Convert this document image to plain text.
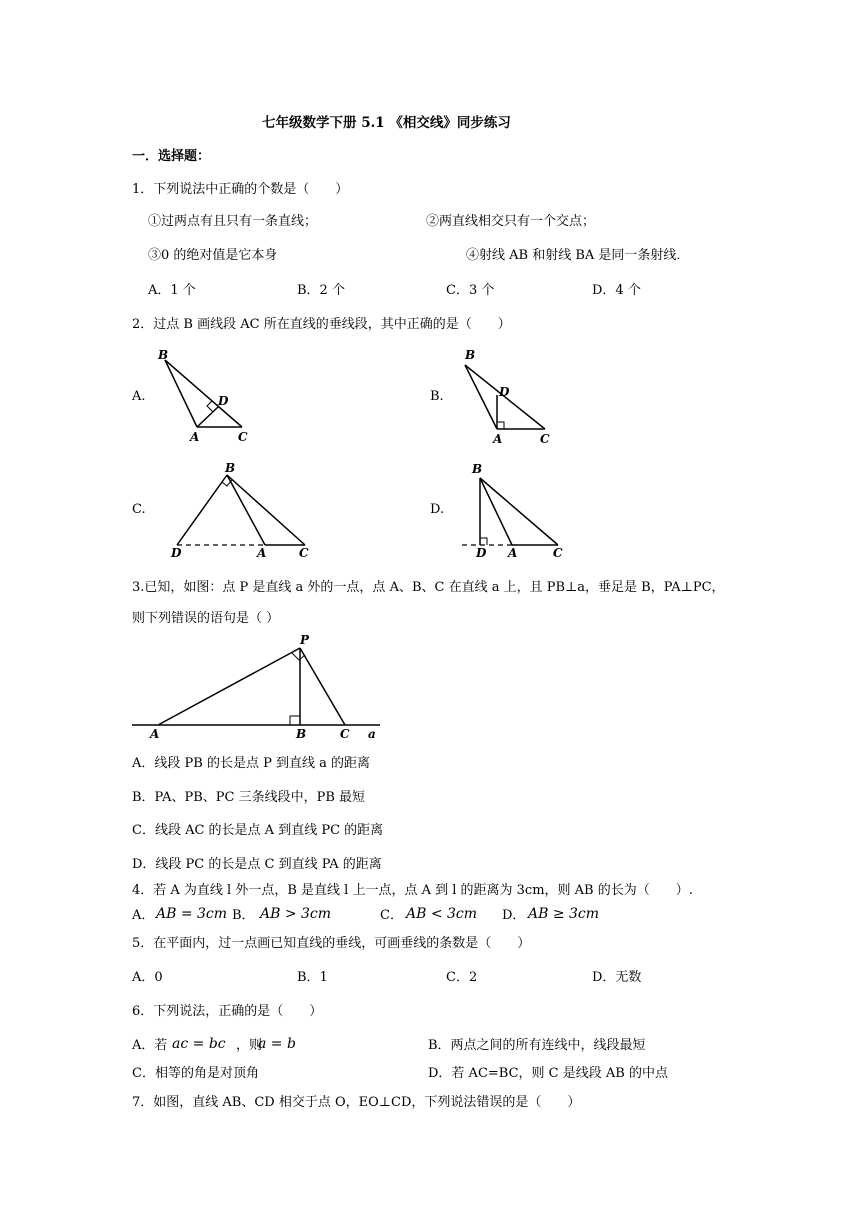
七年级数学下册 5.1 《相交线》同步练习
一．选择题：
1．下列说法中正确的个数是（　　）
①过两点有且只有一条直线；	②两直线相交只有一个交点；
③0 的绝对值是它本身	④射线 AB 和射线 BA 是同一条射线．
A．1 个	B．2 个	C．3 个	D．4 个
2．过点 B 画线段 AC 所在直线的垂线段，其中正确的是（　　）
A.	B.
C.	D.
B
D
A	C
B
D
A	C
B
D	A	C
B
D A	C
3.已知，如图：点 P 是直线 a 外的一点，点 A、B、C 在直线 a 上，且 PB⊥a，垂足是 B，PA⊥PC，
则下列错误的语句是（ ）
P
A	B	C a
A．线段 PB 的长是点 P 到直线 a 的距离
B．PA、PB、PC 三条线段中，PB 最短
C．线段 AC 的长是点 A 到直线 PC 的距离
D．线段 PC 的长是点 C 到直线 PA 的距离
4．若 A 为直线 l 外一点，B 是直线 l 上一点，点 A 到 l 的距离为 3cm，则 AB 的长为（　　）.
A． AB = 3cm B． AB > 3cm	C． AB < 3cm D． AB ≥ 3cm
5．在平面内，过一点画已知直线的垂线，可画垂线的条数是（　　）
A．0	B．1	C．2	D．无数
6．下列说法，正确的是（　　）
A．若 ac = bc ，则
a = b	B．两点之间的所有连线中，线段最短
C．相等的角是对顶角	D．若 AC=BC，则 C 是线段 AB 的中点
7．如图，直线 AB、CD 相交于点 O，EO⊥CD，下列说法错误的是（　　）
